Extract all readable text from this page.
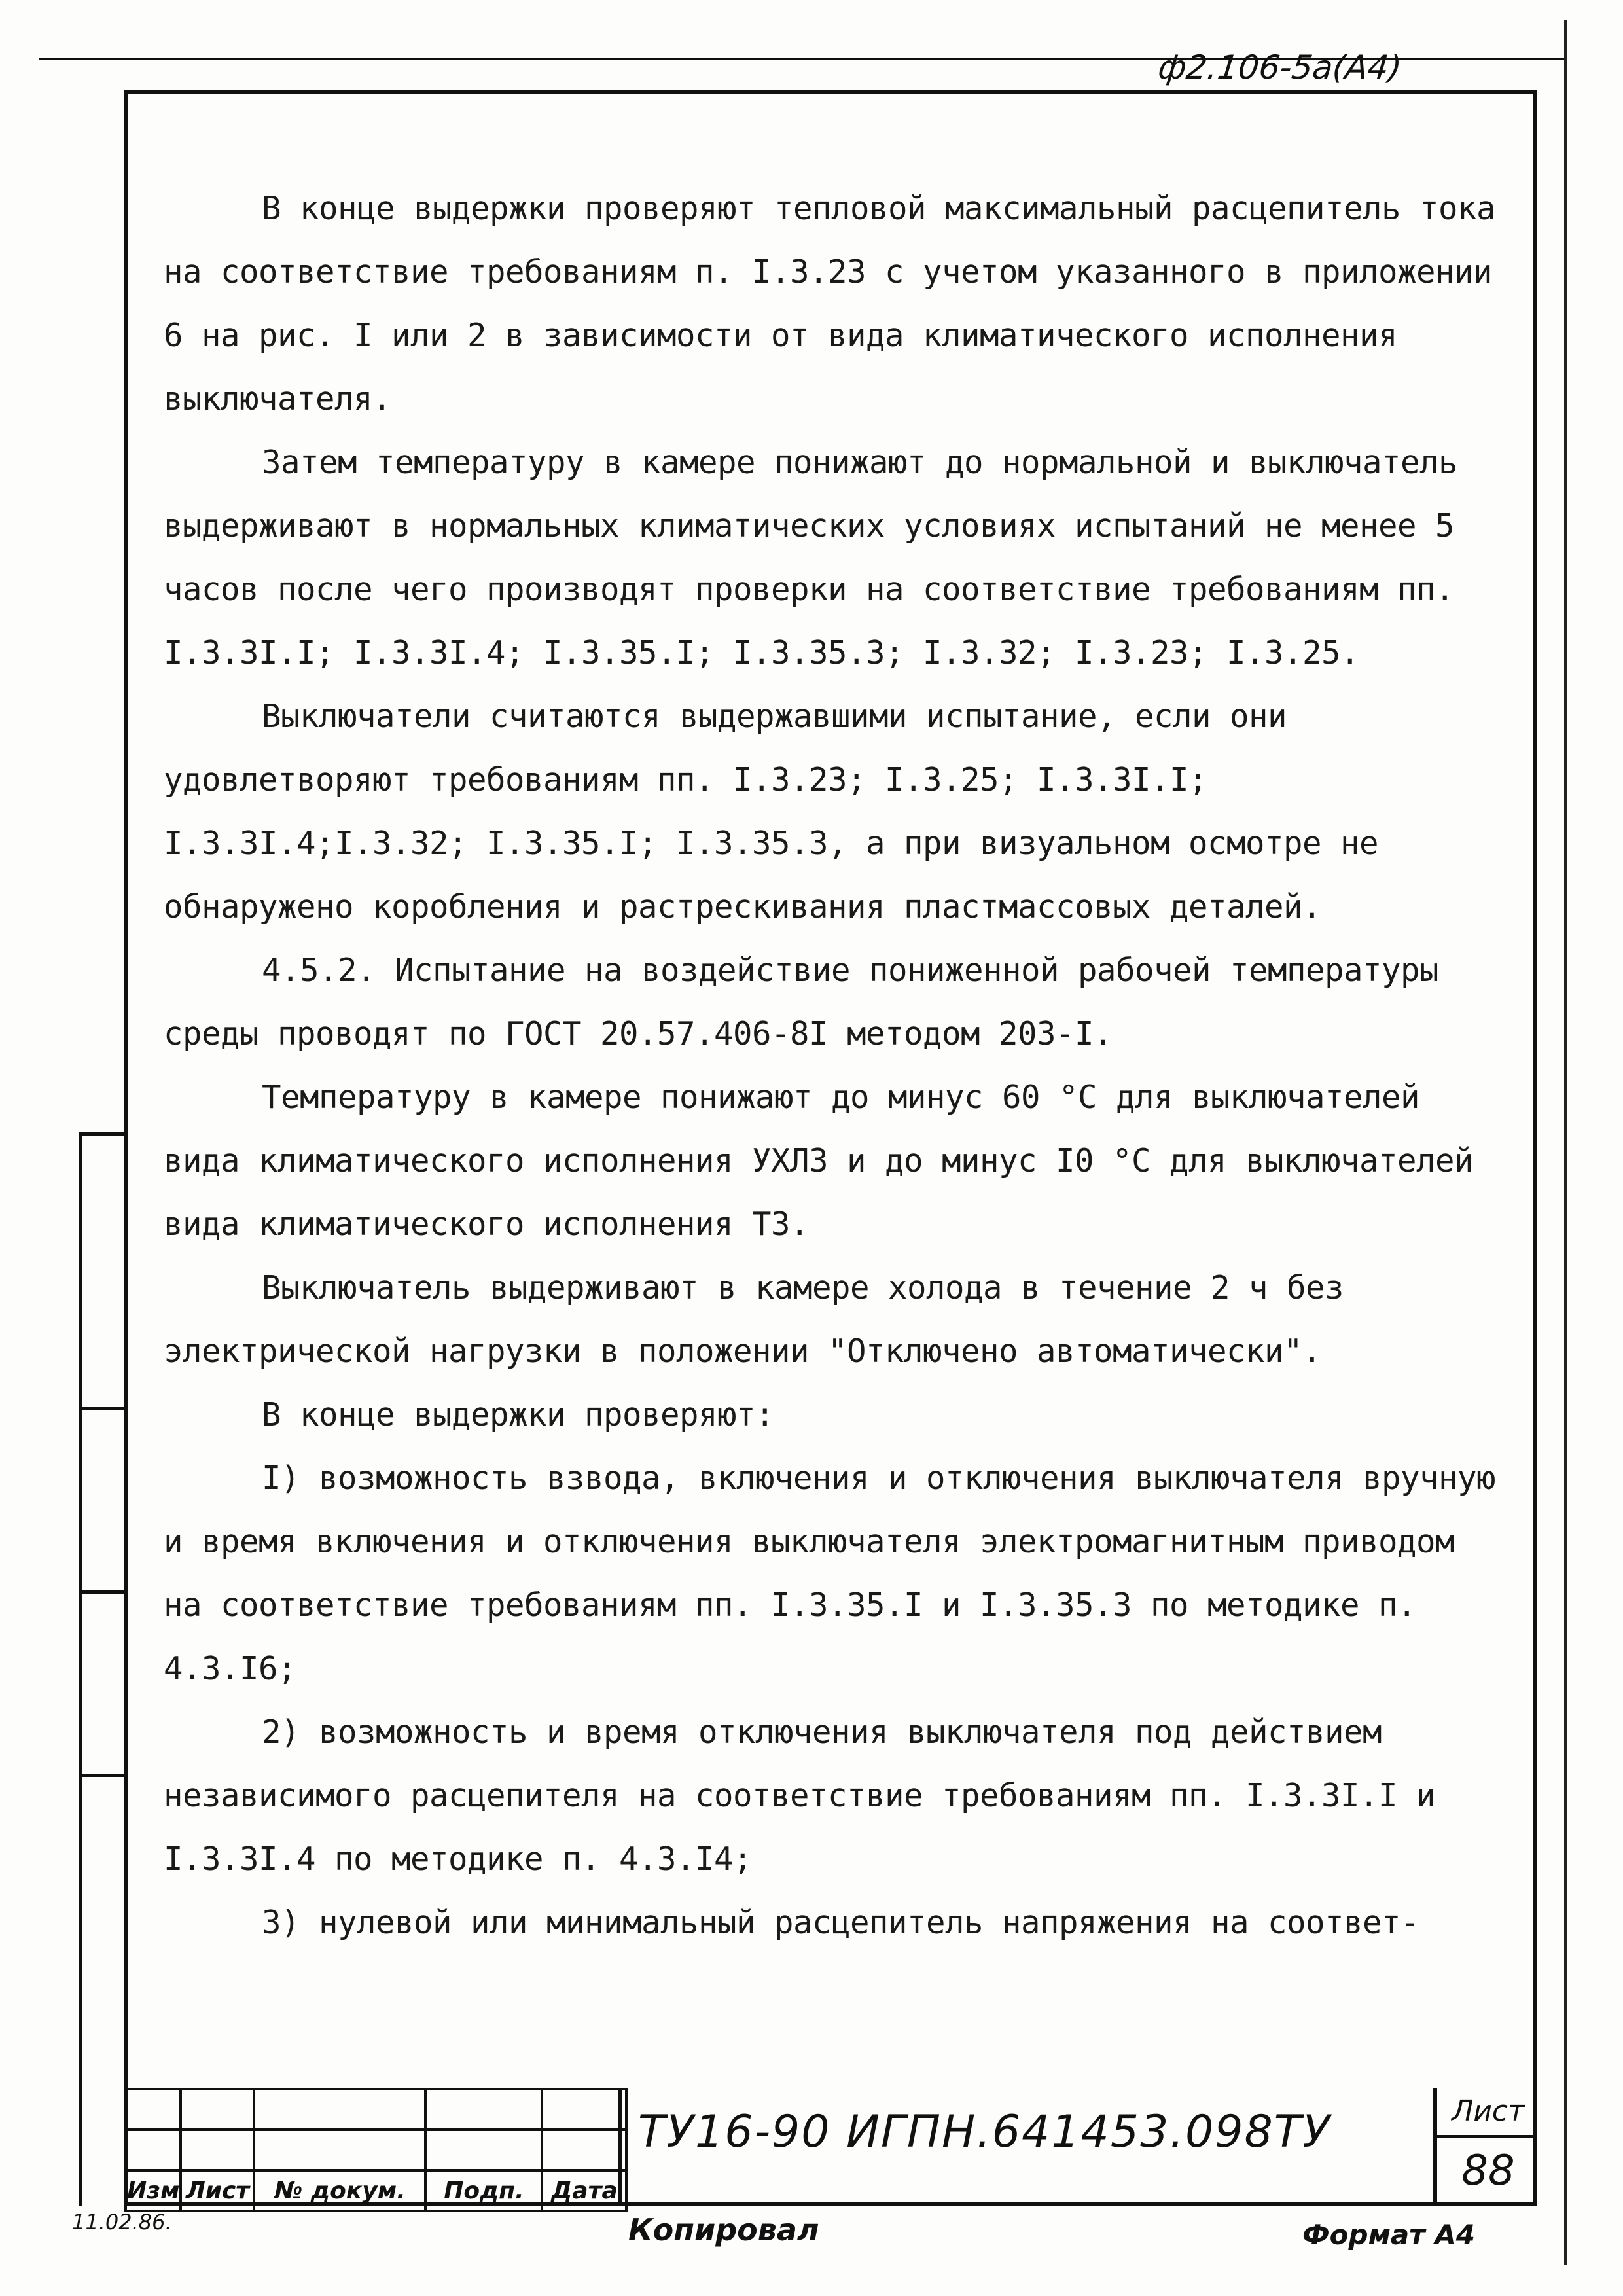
ф2.106-5а(А4)

В конце выдержки проверяют тепловой максимальный расцепитель тока на соответствие требованиям п. I.3.23 с учетом указанного в приложении 6 на рис. I или 2 в зависимости от вида климатического исполнения выключателя.

Затем температуру в камере понижают до нормальной и выключатель выдерживают в нормальных климатических условиях испытаний не менее 5 часов после чего производят проверки на соответствие требованиям пп. I.3.3I.I; I.3.3I.4; I.3.35.I; I.3.35.3; I.3.32; I.3.23; I.3.25.

Выключатели считаются выдержавшими испытание, если они удовлетворяют требованиям пп. I.3.23; I.3.25; I.3.3I.I; I.3.3I.4;I.3.32; I.3.35.I; I.3.35.3, а при визуальном осмотре не обнаружено коробления и растрескивания пластмассовых деталей.

4.5.2. Испытание на воздействие пониженной рабочей температуры среды проводят по ГОСТ 20.57.406-8I методом 203-I.

Температуру в камере понижают до минус 60 °С для выключателей вида климатического исполнения УХЛЗ и до минус I0 °С для выключателей вида климатического исполнения ТЗ.

Выключатель выдерживают в камере холода в течение 2 ч без электрической нагрузки в положении "Отключено автоматически".

В конце выдержки проверяют:

I) возможность взвода, включения и отключения выключателя вручную и время включения и отключения выключателя электромагнитным приводом на соответствие требованиям пп. I.3.35.I и I.3.35.3 по методике п. 4.3.I6;

2) возможность и время отключения выключателя под действием независимого расцепителя на соответствие требованиям пп. I.3.3I.I и I.3.3I.4 по методике п. 4.3.I4;

3) нулевой или минимальный расцепитель напряжения на соответ-

Изм	Лист	№ докум.	Подп.	Дата
ТУ16-90 ИГПН.641453.098ТУ	Лист
88
11.02.86.	Копировал	Формат А4
